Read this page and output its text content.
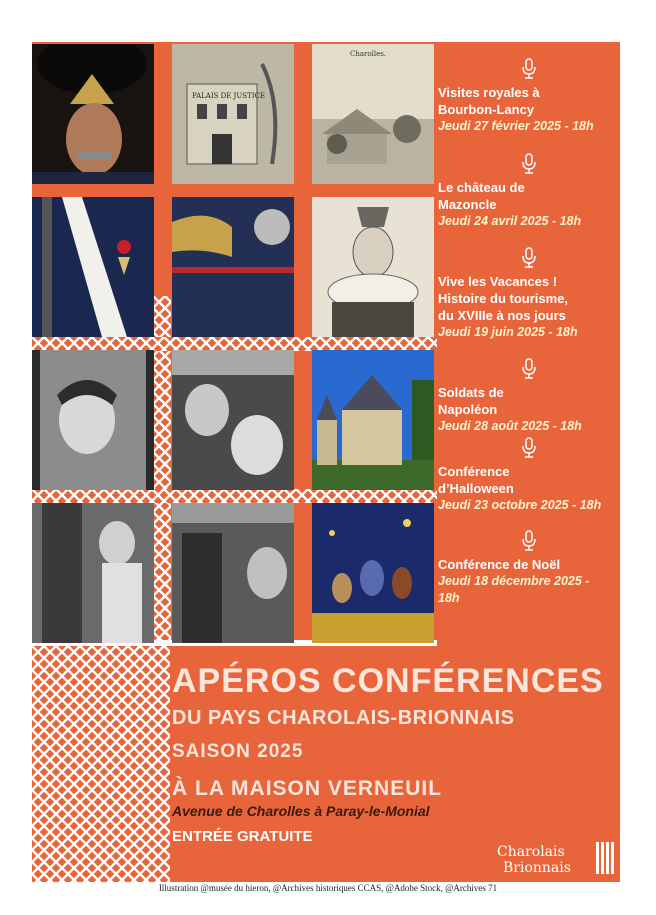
PALAIS DE JUSTICE
Charolles.
Visites royales à
Bourbon-Lancy
Jeudi 27 février 2025 - 18h
Le château de
Mazoncle
Jeudi 24 avril 2025 - 18h
Vive les Vacances !
Histoire du tourisme,
du XVIIIe à nos jours
Jeudi 19 juin 2025 - 18h
Soldats de
Napoléon
Jeudi 28 août 2025 - 18h
Conférence
d’Halloween
Jeudi 23 octobre 2025 - 18h
Conférence de Noël
Jeudi 18 décembre 2025 -
18h
APÉROS CONFÉRENCES
DU PAYS CHAROLAIS-BRIONNAIS
SAISON 2025
À LA MAISON VERNEUIL
Avenue de Charolles à Paray-le-Monial
ENTRÉE GRATUITE
Charolais
Brionnais
Illustration @musée du hieron, @Archives historiques CCAS, @Adobe Stock, @Archives 71
